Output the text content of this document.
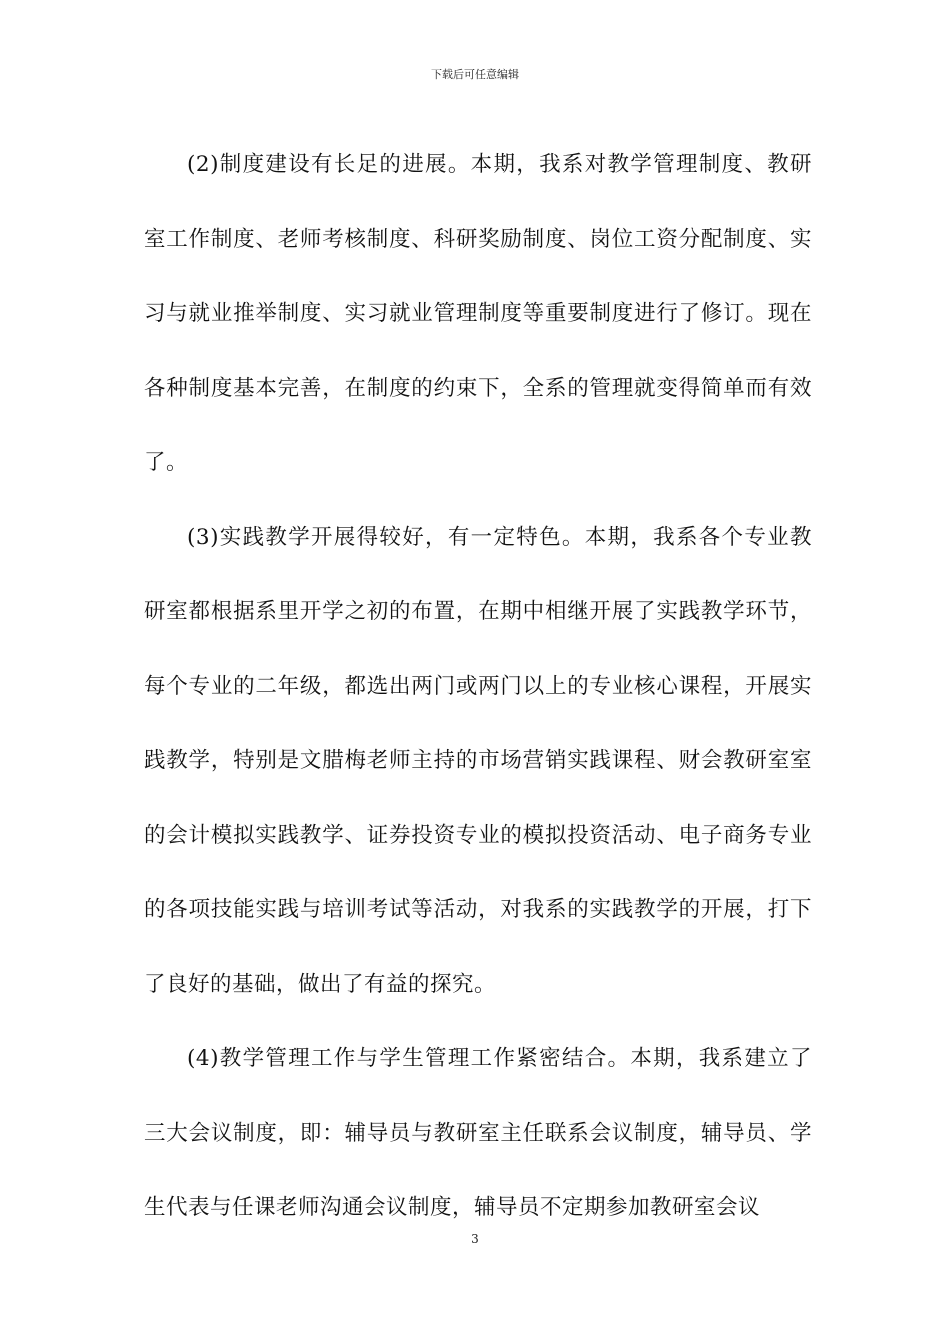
下载后可任意编辑

(2)制度建设有长足的进展。本期，我系对教学管理制度、教研室工作制度、老师考核制度、科研奖励制度、岗位工资分配制度、实习与就业推举制度、实习就业管理制度等重要制度进行了修订。现在各种制度基本完善，在制度的约束下，全系的管理就变得简单而有效了。

(3)实践教学开展得较好，有一定特色。本期，我系各个专业教研室都根据系里开学之初的布置，在期中相继开展了实践教学环节，每个专业的二年级，都选出两门或两门以上的专业核心课程，开展实践教学，特别是文腊梅老师主持的市场营销实践课程、财会教研室室的会计模拟实践教学、证券投资专业的模拟投资活动、电子商务专业的各项技能实践与培训考试等活动，对我系的实践教学的开展，打下了良好的基础，做出了有益的探究。

(4)教学管理工作与学生管理工作紧密结合。本期，我系建立了三大会议制度，即：辅导员与教研室主任联系会议制度，辅导员、学生代表与任课老师沟通会议制度，辅导员不定期参加教研室会议

3
